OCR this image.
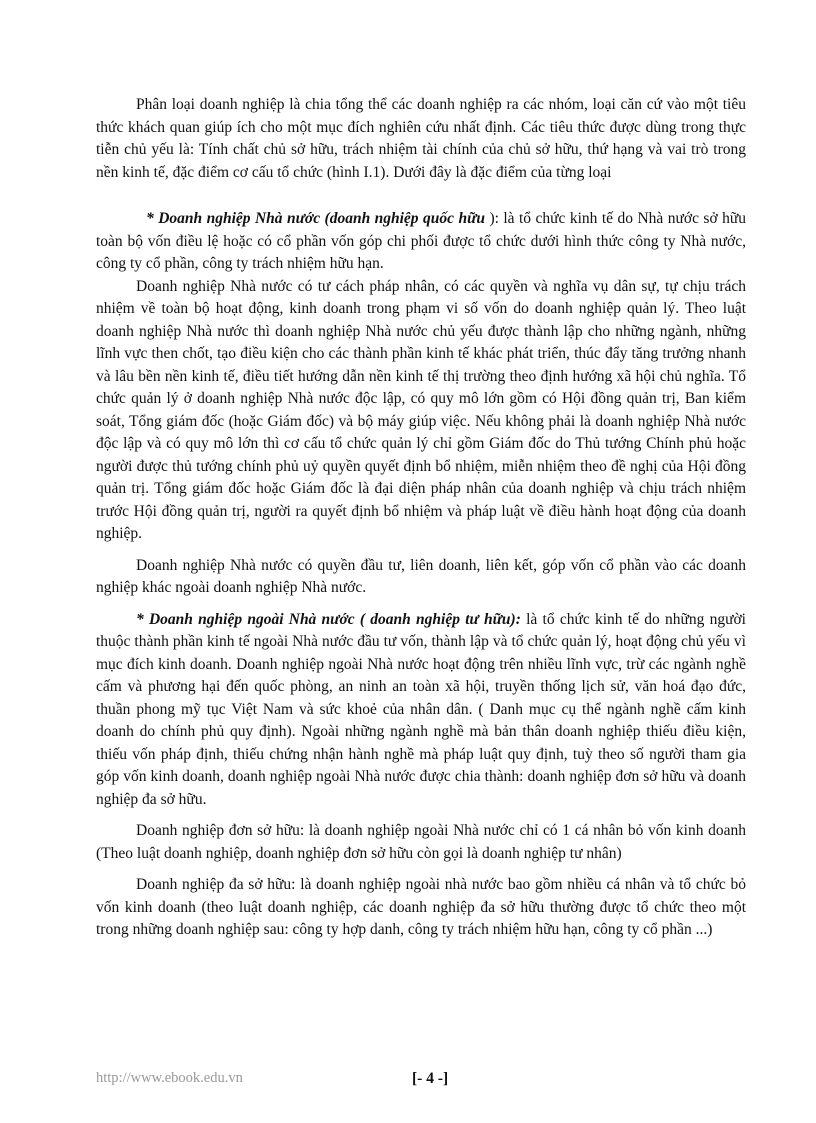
Phân loại doanh nghiệp là chia tổng thể các doanh nghiệp ra các nhóm, loại căn cứ vào một tiêu thức khách quan giúp ích cho một mục đích nghiên cứu nhất định. Các tiêu thức được dùng trong thực tiễn chủ yếu là: Tính chất chủ sở hữu, trách nhiệm tài chính của chủ sở hữu, thứ hạng và vai trò trong nền kinh tế, đặc điểm cơ cấu tổ chức (hình I.1). Dưới đây là đặc điểm của từng loại

* Doanh nghiệp Nhà nước (doanh nghiệp quốc hữu ): là tổ chức kinh tế do Nhà nước sở hữu toàn bộ vốn điều lệ hoặc có cổ phần vốn góp chi phối được tổ chức dưới hình thức công ty Nhà nước, công ty cổ phần, công ty trách nhiệm hữu hạn.

Doanh nghiệp Nhà nước có tư cách pháp nhân, có các quyền và nghĩa vụ dân sự, tự chịu trách nhiệm về toàn bộ hoạt động, kinh doanh trong phạm vi số vốn do doanh nghiệp quản lý. Theo luật doanh nghiệp Nhà nước thì doanh nghiệp Nhà nước chủ yếu được thành lập cho những ngành, những lĩnh vực then chốt, tạo điều kiện cho các thành phần kinh tế khác phát triển, thúc đẩy tăng trưởng nhanh và lâu bền nền kinh tế, điều tiết hướng dẫn nền kinh tế thị trường theo định hướng xã hội chủ nghĩa. Tổ chức quản lý ở doanh nghiệp Nhà nước độc lập, có quy mô lớn gồm có Hội đồng quản trị, Ban kiểm soát, Tổng giám đốc (hoặc Giám đốc) và bộ máy giúp việc. Nếu không phải là doanh nghiệp Nhà nước độc lập và có quy mô lớn thì cơ cấu tổ chức quản lý chỉ gồm Giám đốc do Thủ tướng Chính phủ hoặc người được thủ tướng chính phủ uỷ quyền quyết định bổ nhiệm, miễn nhiệm theo đề nghị của Hội đồng quản trị. Tổng giám đốc hoặc Giám đốc là đại diện pháp nhân của doanh nghiệp và chịu trách nhiệm trước Hội đồng quản trị, người ra quyết định bổ nhiệm và pháp luật về điều hành hoạt động của doanh nghiệp.

Doanh nghiệp Nhà nước có quyền đầu tư, liên doanh, liên kết, góp vốn cổ phần vào các doanh nghiệp khác ngoài doanh nghiệp Nhà nước.

* Doanh nghiệp ngoài Nhà nước ( doanh nghiệp tư hữu): là tổ chức kinh tế do những người thuộc thành phần kinh tế ngoài Nhà nước đầu tư vốn, thành lập và tổ chức quản lý, hoạt động chủ yếu vì mục đích kinh doanh. Doanh nghiệp ngoài Nhà nước hoạt động trên nhiều lĩnh vực, trừ các ngành nghề cấm và phương hại đến quốc phòng, an ninh an toàn xã hội, truyền thống lịch sử, văn hoá đạo đức, thuần phong mỹ tục Việt Nam và sức khoẻ của nhân dân. ( Danh mục cụ thể ngành nghề cấm kinh doanh do chính phủ quy định). Ngoài những ngành nghề mà bản thân doanh nghiệp thiếu điều kiện, thiếu vốn pháp định, thiếu chứng nhận hành nghề mà pháp luật quy định, tuỳ theo số người tham gia góp vốn kinh doanh, doanh nghiệp ngoài Nhà nước được chia thành: doanh nghiệp đơn sở hữu và doanh nghiệp đa sở hữu.

Doanh nghiệp đơn sở hữu: là doanh nghiệp ngoài Nhà nước chỉ có 1 cá nhân bỏ vốn kinh doanh (Theo luật doanh nghiệp, doanh nghiệp đơn sở hữu còn gọi là doanh nghiệp tư nhân)

Doanh nghiệp đa sở hữu: là doanh nghiệp ngoài nhà nước bao gồm nhiều cá nhân và tổ chức bỏ vốn kinh doanh (theo luật doanh nghiệp, các doanh nghiệp đa sở hữu thường được tổ chức theo một trong những doanh nghiệp sau: công ty hợp danh, công ty trách nhiệm hữu hạn, công ty cổ phần ...)

http://www.ebook.edu.vn	[- 4 -]
